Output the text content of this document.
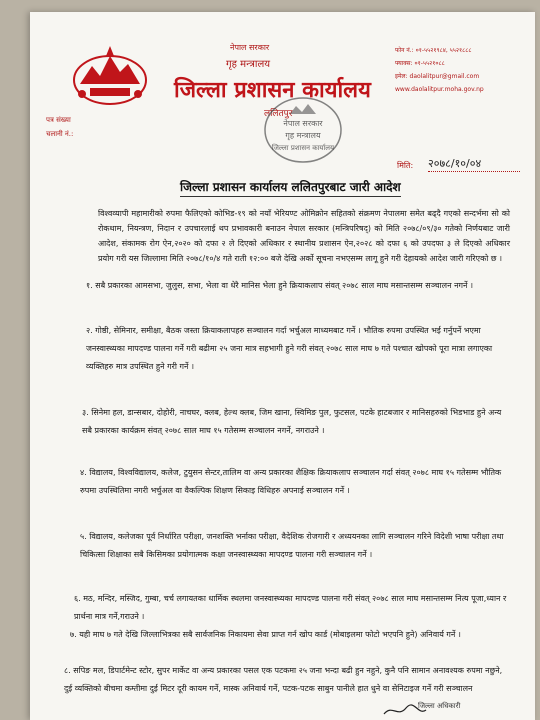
नेपाल सरकार
गृह मन्त्रालय
जिल्ला प्रशासन कार्यालय
ललितपुर
फोन नं.: ०१-५५२१९८४, ५५२१८८८
फ्याक्स: ०१-५५२१०८८
इमेल: daolalitpur@gmail.com
www.daolalitpur.moha.gov.np
नेपाल सरकार
गृह मन्त्रालय
जिल्ला प्रशासन कार्यालय
पत्र संख्या
चलानी नं.:
मिति: २०७८/१०/०४
जिल्ला प्रशासन कार्यालय ललितपुरबाट जारी आदेश
विश्वव्यापी महामारीको रुपमा फैलिएको कोभिड-१९ को नयाँ भेरियण्ट ओमिक्रोन सहितको संक्रमण नेपालमा समेत बढ्दै गएको सन्दर्भमा सो को रोकथाम, नियन्त्रण, निदान र उपचारलाई थप प्रभावकारी बनाउन नेपाल सरकार (मन्त्रिपरिषद्) को मिति २०७८/०९/३० गतेको निर्णयबाट जारी आदेश, संकामक रोग ऐन,२०२० को दफा २ ले दिएको अधिकार र स्थानीय प्रशासन ऐन,२०२८ को दफा ६ को उपदफा ३ ले दिएको अधिकार प्रयोग गरी यस जिल्लामा मिति २०७८/१०/४ गते राती १२:०० बजे देखि अर्को सूचना नभएसम्म लागू हुने गरी देहायको आदेश जारी गरिएको छ ।
१. सबै प्रकारका आमसभा, जुलुस, सभा, भेला वा धेरै मानिस भेला हुने क्रियाकलाप संवत् २०७८ साल माघ मसान्तसम्म सञ्चालन नगर्ने ।
२. गोष्ठी, सेमिनार, समीक्षा, बैठक जस्ता क्रियाकलापहरु सञ्चालन गर्दा भर्चुअल माध्यमबाट गर्ने । भौतिक रुपमा उपस्थित भई गर्नुपर्ने भएमा जनस्वास्थ्यका मापदण्ड पालना गर्ने गरी बढीमा २५ जना मात्र सहभागी हुने गरी संवत् २०७८ साल माघ ७ गते पश्चात खोपको पूरा मात्रा लगाएका व्यक्तिहरु मात्र उपस्थित हुने गरी गर्ने ।
३. सिनेमा हल, डान्सबार, दोहोरी, नाचघर, क्लब, हेल्थ क्लब, जिम खाना, स्विमिङ पुल, फुटसल, पटके हाटबजार र मानिसहरुको भिडभाड हुने अन्य सबै प्रकारका कार्यक्रम संवत् २०७८ साल माघ १५ गतेसम्म सञ्चालन नगर्ने, नगराउने ।
४. विद्यालय, विश्वविद्यालय, कलेज, टुयुसन सेन्टर,तालिम वा अन्य प्रकारका शैक्षिक क्रियाकलाप सञ्चालन गर्दा संवत् २०७८ माघ १५ गतेसम्म भौतिक रुपमा उपस्थितिमा नगरी भर्चुअल वा वैकल्पिक शिक्षण सिकाइ विधिहरु अपनाई सञ्चालन गर्ने ।
५. विद्यालय, कलेजका पूर्व निर्धारित परीक्षा, जनशक्ति भर्नाका परीक्षा, वैदेशिक रोजगारी र अध्ययनका लागि सञ्चालन गरिने विदेशी भाषा परीक्षा तथा चिकित्सा शिक्षाका सबै किसिमका प्रयोगात्मक कक्षा जनस्वास्थ्यका मापदण्ड पालना गरी सञ्चालन गर्ने ।
६. मठ, मन्दिर, मस्जिद, गुम्बा, चर्च लगायतका धार्मिक स्थलमा जनस्वास्थ्यका मापदण्ड पालना गरी संवत् २०७८ साल माघ मसान्तसम्म नित्य पूजा,ध्यान र प्रार्थना मात्र गर्ने,गराउने ।
७. यही माघ ७ गते देखि जिल्लाभित्रका सबै सार्वजनिक निकायमा सेवा प्राप्त गर्न खोप कार्ड (मोबाइलमा फोटो भएपनि हुने) अनिवार्य गर्ने ।
८. सपिङ मल, डिपार्टमेन्ट स्टोर, सुपर मार्केट वा अन्य प्रकारका पसल एक पटकमा २५ जना भन्दा बढी हुन नहुने, कुनै पनि सामान अनावश्यक रुपमा नछुने, दुई व्यक्तिको बीचमा कम्तीमा दुई मिटर दूरी कायम गर्ने, मास्क अनिवार्य गर्ने, पटक-पटक साबुन पानीले हात धुने वा सेनिटाइज गर्ने गरी सञ्चालन
जिल्ला अधिकारी
